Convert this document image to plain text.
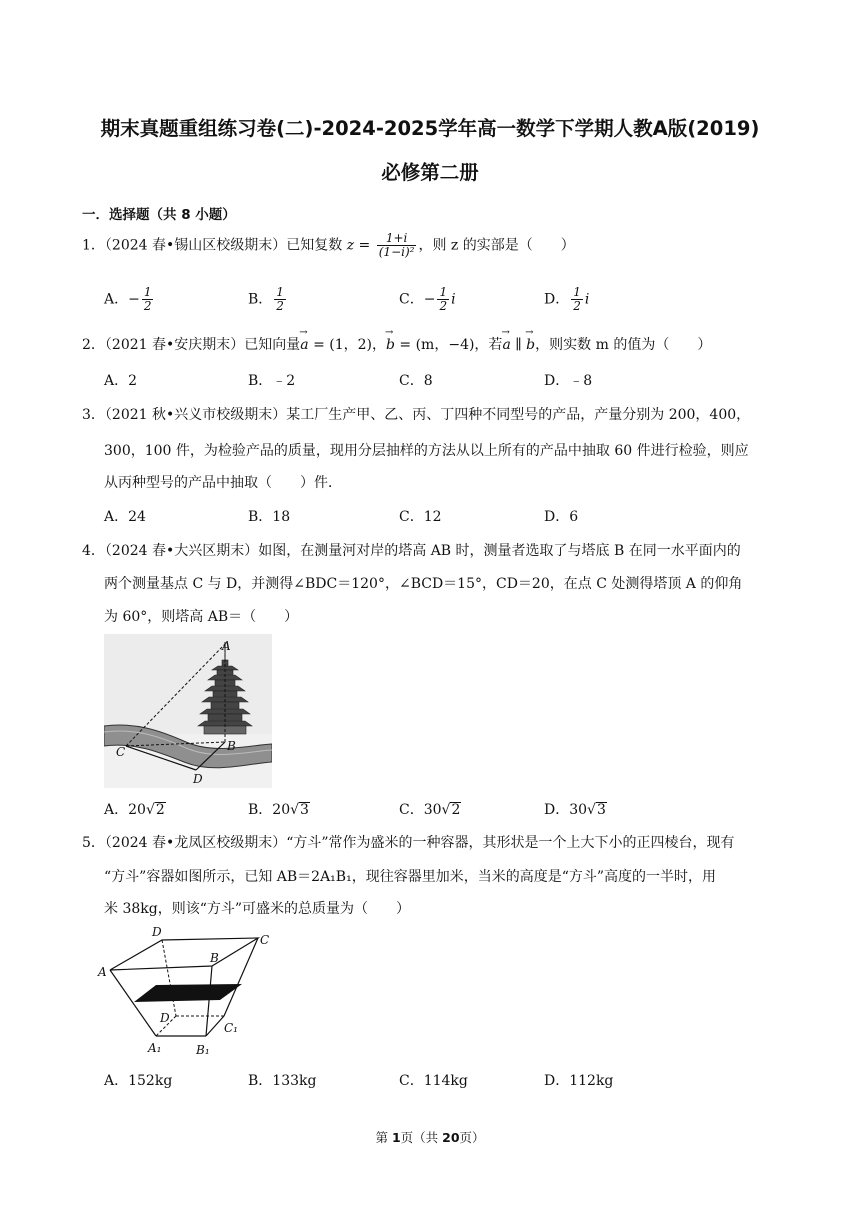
期末真题重组练习卷(二)-2024-2025学年高一数学下学期人教A版(2019)
必修第二册
一．选择题（共 8 小题）
1．（2024 春•锡山区校级期末）已知复数 $z = \frac{1+i}{\text{(1−i)²}}$ ，则 z 的实部是（　　）
A．− $\frac{1}{2}$	B． $\frac{1}{2}$	C．− $\frac{1}{2}$ i	D． $\frac{1}{2}$ i
2．（2021 春•安庆期末）已知向量→ a = (1，2)，→ b = (m，−4)，若→ a ∥ → b，则实数 m 的值为（　　）
A．2	B．﹣2	C．8	D．﹣8
3．（2021 秋•兴义市校级期末）某工厂生产甲、乙、丙、丁四种不同型号的产品，产量分别为 200，400，
300，100 件，为检验产品的质量，现用分层抽样的方法从以上所有的产品中抽取 60 件进行检验，则应
从丙种型号的产品中抽取（　　）件．
A．24	B．18	C．12	D．6
4．（2024 春•大兴区期末）如图，在测量河对岸的塔高 AB 时，测量者选取了与塔底 B 在同一水平面内的
两个测量基点 C 与 D，并测得∠BDC＝120°，∠BCD＝15°，CD＝20，在点 C 处测得塔顶 A 的仰角
为 60°，则塔高 AB＝（　　）
A
B
C
D
A．20√2	B．20√3	C．30√2	D．30√3
5．（2024 春•龙凤区校级期末）“方斗”常作为盛米的一种容器，其形状是一个上大下小的正四棱台，现有
“方斗”容器如图所示，已知 AB＝2A₁B₁，现往容器里加米，当米的高度是“方斗”高度的一半时，用
米 38kg，则该“方斗”可盛米的总质量为（　　）
D
C
A
B
D
C₁
A₁	B₁
A．152kg	B．133kg	C．114kg	D．112kg
第 1页（共 20页）
